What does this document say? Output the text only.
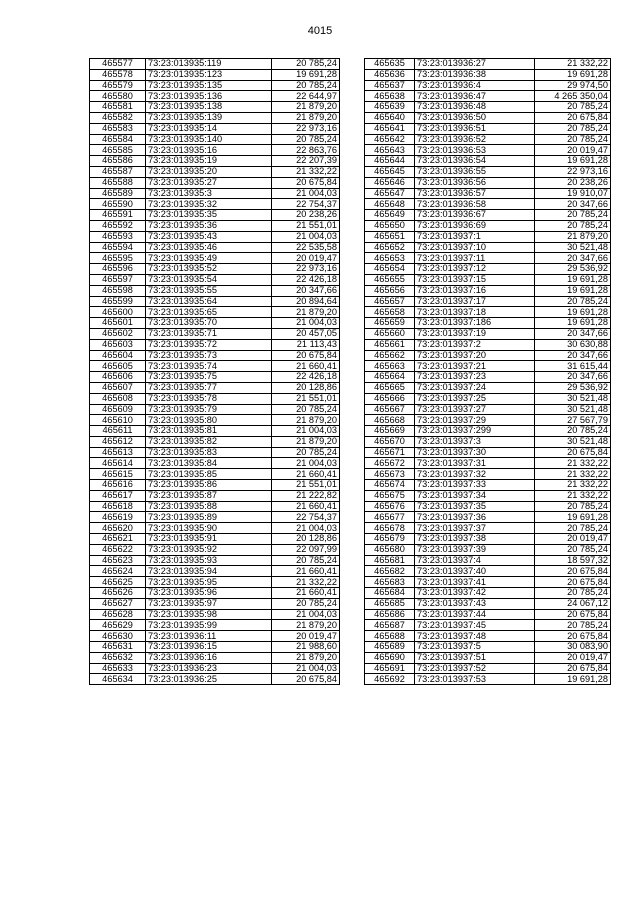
4015
465577	73:23:013935:119	20 785,24
465578	73:23:013935:123	19 691,28
465579	73:23:013935:135	20 785,24
465580	73:23:013935:136	22 644,97
465581	73:23:013935:138	21 879,20
465582	73:23:013935:139	21 879,20
465583	73:23:013935:14	22 973,16
465584	73:23:013935:140	20 785,24
465585	73:23:013935:16	22 863,76
465586	73:23:013935:19	22 207,39
465587	73:23:013935:20	21 332,22
465588	73:23:013935:27	20 675,84
465589	73:23:013935:3	21 004,03
465590	73:23:013935:32	22 754,37
465591	73:23:013935:35	20 238,26
465592	73:23:013935:36	21 551,01
465593	73:23:013935:43	21 004,03
465594	73:23:013935:46	22 535,58
465595	73:23:013935:49	20 019,47
465596	73:23:013935:52	22 973,16
465597	73:23:013935:54	22 426,18
465598	73:23:013935:55	20 347,66
465599	73:23:013935:64	20 894,64
465600	73:23:013935:65	21 879,20
465601	73:23:013935:70	21 004,03
465602	73:23:013935:71	20 457,05
465603	73:23:013935:72	21 113,43
465604	73:23:013935:73	20 675,84
465605	73:23:013935:74	21 660,41
465606	73:23:013935:75	22 426,18
465607	73:23:013935:77	20 128,86
465608	73:23:013935:78	21 551,01
465609	73:23:013935:79	20 785,24
465610	73:23:013935:80	21 879,20
465611	73:23:013935:81	21 004,03
465612	73:23:013935:82	21 879,20
465613	73:23:013935:83	20 785,24
465614	73:23:013935:84	21 004,03
465615	73:23:013935:85	21 660,41
465616	73:23:013935:86	21 551,01
465617	73:23:013935:87	21 222,82
465618	73:23:013935:88	21 660,41
465619	73:23:013935:89	22 754,37
465620	73:23:013935:90	21 004,03
465621	73:23:013935:91	20 128,86
465622	73:23:013935:92	22 097,99
465623	73:23:013935:93	20 785,24
465624	73:23:013935:94	21 660,41
465625	73:23:013935:95	21 332,22
465626	73:23:013935:96	21 660,41
465627	73:23:013935:97	20 785,24
465628	73:23:013935:98	21 004,03
465629	73:23:013935:99	21 879,20
465630	73:23:013936:11	20 019,47
465631	73:23:013936:15	21 988,60
465632	73:23:013936:16	21 879,20
465633	73:23:013936:23	21 004,03
465634	73:23:013936:25	20 675,84
465635	73:23:013936:27	21 332,22
465636	73:23:013936:38	19 691,28
465637	73:23:013936:4	29 974,50
465638	73:23:013936:47	4 265 350,04
465639	73:23:013936:48	20 785,24
465640	73:23:013936:50	20 675,84
465641	73:23:013936:51	20 785,24
465642	73:23:013936:52	20 785,24
465643	73:23:013936:53	20 019,47
465644	73:23:013936:54	19 691,28
465645	73:23:013936:55	22 973,16
465646	73:23:013936:56	20 238,26
465647	73:23:013936:57	19 910,07
465648	73:23:013936:58	20 347,66
465649	73:23:013936:67	20 785,24
465650	73:23:013936:69	20 785,24
465651	73:23:013937:1	21 879,20
465652	73:23:013937:10	30 521,48
465653	73:23:013937:11	20 347,66
465654	73:23:013937:12	29 536,92
465655	73:23:013937:15	19 691,28
465656	73:23:013937:16	19 691,28
465657	73:23:013937:17	20 785,24
465658	73:23:013937:18	19 691,28
465659	73:23:013937:186	19 691,28
465660	73:23:013937:19	20 347,66
465661	73:23:013937:2	30 630,88
465662	73:23:013937:20	20 347,66
465663	73:23:013937:21	31 615,44
465664	73:23:013937:23	20 347,66
465665	73:23:013937:24	29 536,92
465666	73:23:013937:25	30 521,48
465667	73:23:013937:27	30 521,48
465668	73:23:013937:29	27 567,79
465669	73:23:013937:299	20 785,24
465670	73:23:013937:3	30 521,48
465671	73:23:013937:30	20 675,84
465672	73:23:013937:31	21 332,22
465673	73:23:013937:32	21 332,22
465674	73:23:013937:33	21 332,22
465675	73:23:013937:34	21 332,22
465676	73:23:013937:35	20 785,24
465677	73:23:013937:36	19 691,28
465678	73:23:013937:37	20 785,24
465679	73:23:013937:38	20 019,47
465680	73:23:013937:39	20 785,24
465681	73:23:013937:4	18 597,32
465682	73:23:013937:40	20 675,84
465683	73:23:013937:41	20 675,84
465684	73:23:013937:42	20 785,24
465685	73:23:013937:43	24 067,12
465686	73:23:013937:44	20 675,84
465687	73:23:013937:45	20 785,24
465688	73:23:013937:48	20 675,84
465689	73:23:013937:5	30 083,90
465690	73:23:013937:51	20 019,47
465691	73:23:013937:52	20 675,84
465692	73:23:013937:53	19 691,28
